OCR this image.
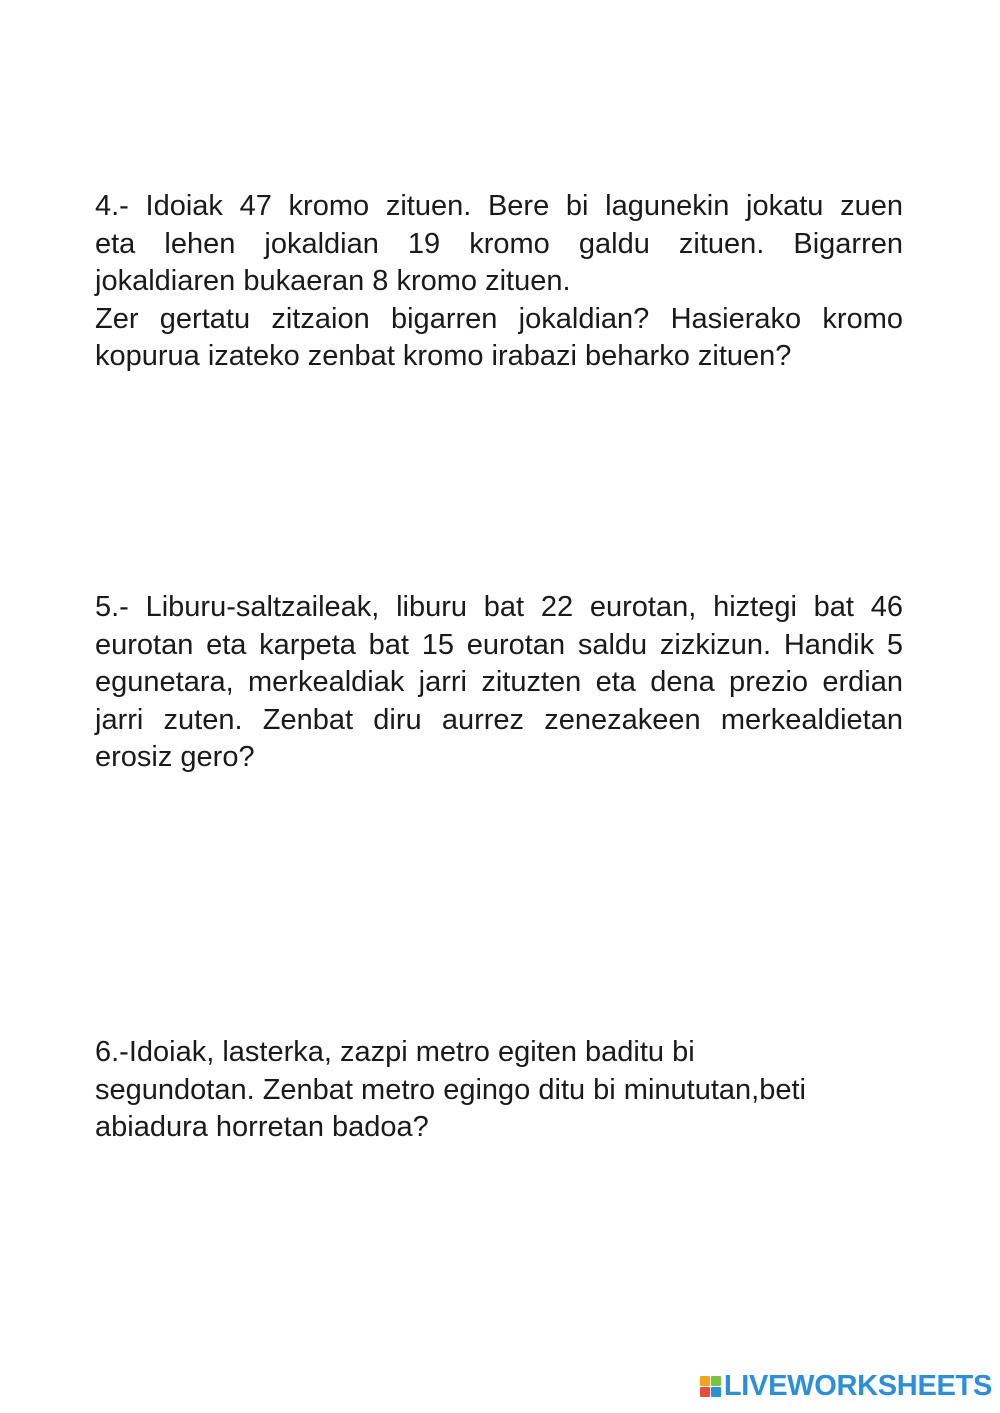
4.- Idoiak 47 kromo zituen. Bere bi lagunekin jokatu zuen

eta lehen jokaldian 19 kromo galdu zituen. Bigarren

jokaldiaren bukaeran 8 kromo zituen.

Zer gertatu zitzaion bigarren jokaldian? Hasierako kromo

kopurua izateko zenbat kromo irabazi beharko zituen?

5.- Liburu-saltzaileak, liburu bat 22 eurotan, hiztegi bat 46 eurotan eta karpeta bat 15 eurotan saldu zizkizun. Handik 5 egunetara, merkealdiak jarri zituzten eta dena prezio erdian jarri zuten. Zenbat diru aurrez zenezakeen merkealdietan erosiz gero?

6.-Idoiak, lasterka, zazpi metro egiten baditu bi

segundotan. Zenbat metro egingo ditu bi minututan,beti

abiadura horretan badoa?

LIVEWORKSHEETS
